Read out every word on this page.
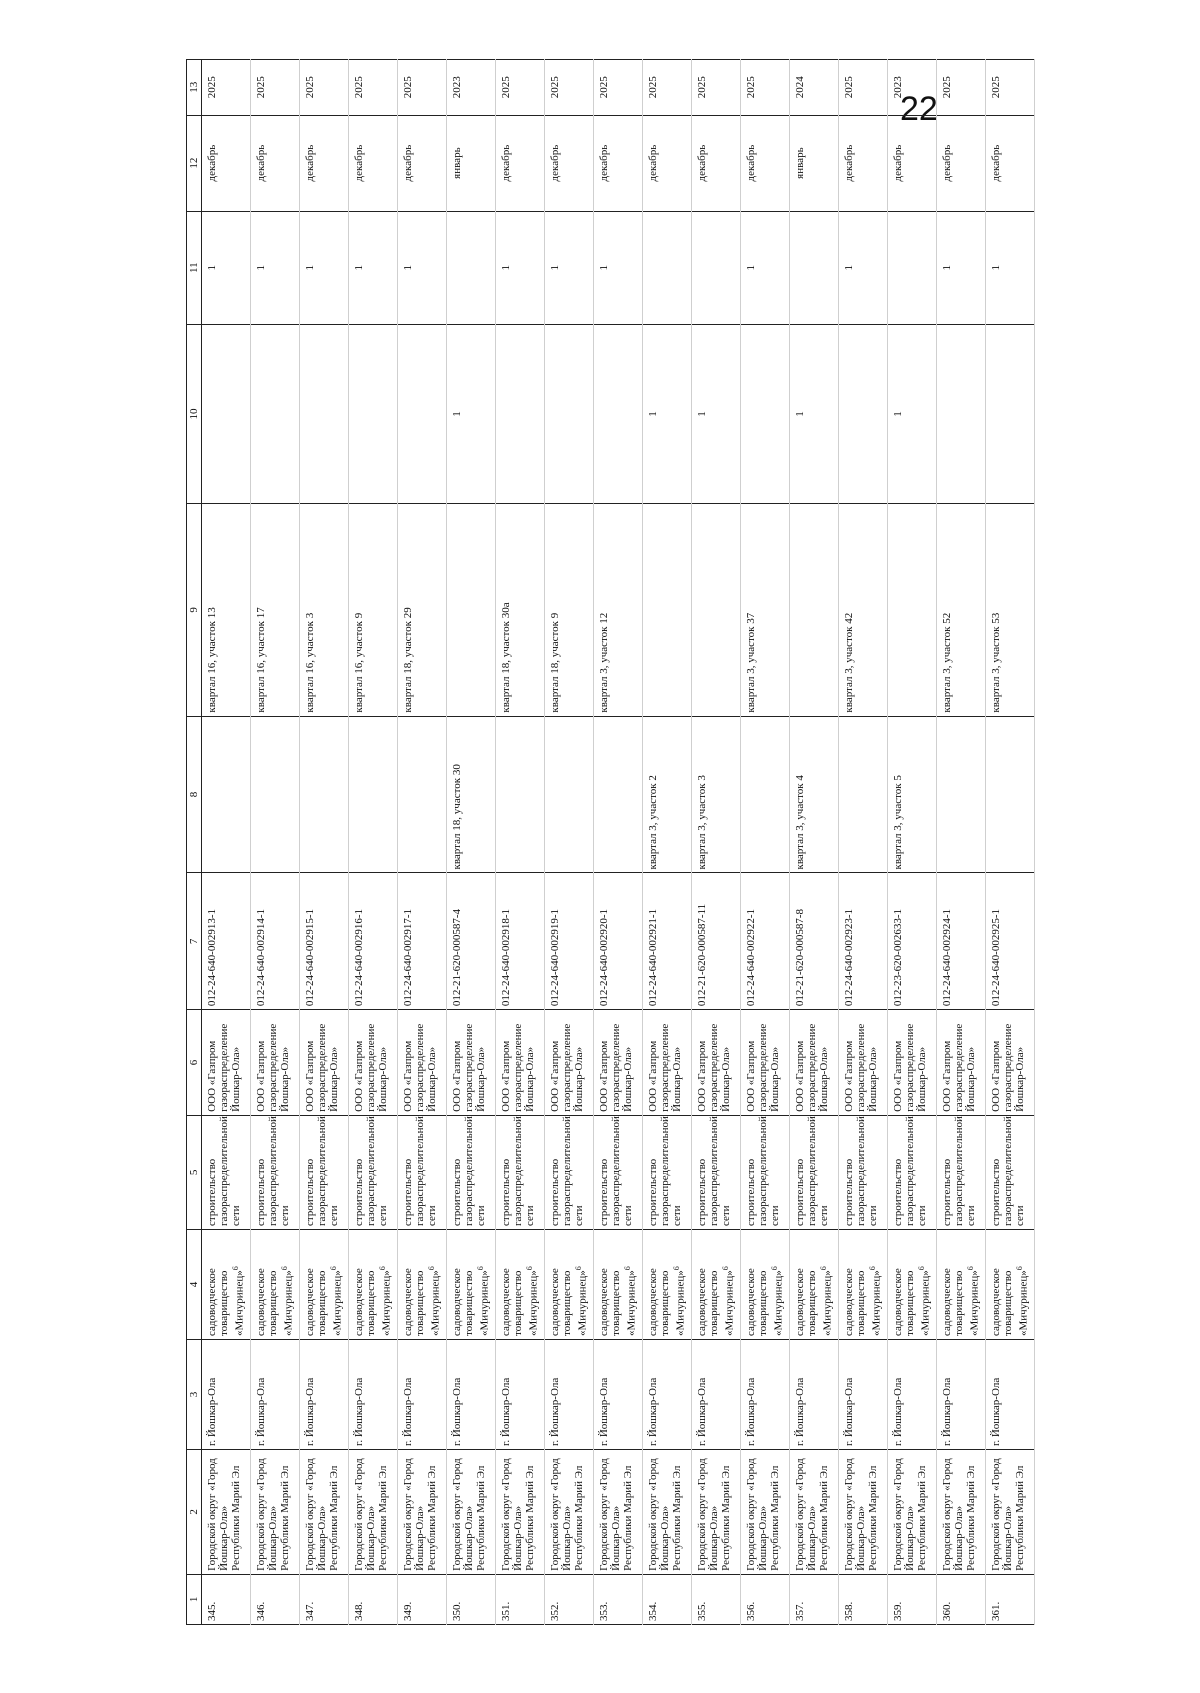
22
1	2	3	4	5	6	7	8	9	10	11	12	13
345.	Городской округ «Город Йошкар-Ола» Республики Марий Эл	г. Йошкар-Ола	садоводческое товарищество «Мичуринец»$^6$	строительство газораспределительной сети	ООО «Газпром газораспределение Йошкар-Ола»	012-24-640-002913-1		квартал 16, участок 13		1	декабрь	2025
346.	Городской округ «Город Йошкар-Ола» Республики Марий Эл	г. Йошкар-Ола	садоводческое товарищество «Мичуринец»$^6$	строительство газораспределительной сети	ООО «Газпром газораспределение Йошкар-Ола»	012-24-640-002914-1		квартал 16, участок 17		1	декабрь	2025
347.	Городской округ «Город Йошкар-Ола» Республики Марий Эл	г. Йошкар-Ола	садоводческое товарищество «Мичуринец»$^6$	строительство газораспределительной сети	ООО «Газпром газораспределение Йошкар-Ола»	012-24-640-002915-1		квартал 16, участок 3		1	декабрь	2025
348.	Городской округ «Город Йошкар-Ола» Республики Марий Эл	г. Йошкар-Ола	садоводческое товарищество «Мичуринец»$^6$	строительство газораспределительной сети	ООО «Газпром газораспределение Йошкар-Ола»	012-24-640-002916-1		квартал 16, участок 9		1	декабрь	2025
349.	Городской округ «Город Йошкар-Ола» Республики Марий Эл	г. Йошкар-Ола	садоводческое товарищество «Мичуринец»$^6$	строительство газораспределительной сети	ООО «Газпром газораспределение Йошкар-Ола»	012-24-640-002917-1		квартал 18, участок 29		1	декабрь	2025
350.	Городской округ «Город Йошкар-Ола» Республики Марий Эл	г. Йошкар-Ола	садоводческое товарищество «Мичуринец»$^6$	строительство газораспределительной сети	ООО «Газпром газораспределение Йошкар-Ола»	012-21-620-000587-4	квартал 18, участок 30		1		январь	2023
351.	Городской округ «Город Йошкар-Ола» Республики Марий Эл	г. Йошкар-Ола	садоводческое товарищество «Мичуринец»$^6$	строительство газораспределительной сети	ООО «Газпром газораспределение Йошкар-Ола»	012-24-640-002918-1		квартал 18, участок 30а		1	декабрь	2025
352.	Городской округ «Город Йошкар-Ола» Республики Марий Эл	г. Йошкар-Ола	садоводческое товарищество «Мичуринец»$^6$	строительство газораспределительной сети	ООО «Газпром газораспределение Йошкар-Ола»	012-24-640-002919-1		квартал 18, участок 9		1	декабрь	2025
353.	Городской округ «Город Йошкар-Ола» Республики Марий Эл	г. Йошкар-Ола	садоводческое товарищество «Мичуринец»$^6$	строительство газораспределительной сети	ООО «Газпром газораспределение Йошкар-Ола»	012-24-640-002920-1		квартал 3, участок 12		1	декабрь	2025
354.	Городской округ «Город Йошкар-Ола» Республики Марий Эл	г. Йошкар-Ола	садоводческое товарищество «Мичуринец»$^6$	строительство газораспределительной сети	ООО «Газпром газораспределение Йошкар-Ола»	012-24-640-002921-1	квартал 3, участок 2		1		декабрь	2025
355.	Городской округ «Город Йошкар-Ола» Республики Марий Эл	г. Йошкар-Ола	садоводческое товарищество «Мичуринец»$^6$	строительство газораспределительной сети	ООО «Газпром газораспределение Йошкар-Ола»	012-21-620-000587-11	квартал 3, участок 3		1		декабрь	2025
356.	Городской округ «Город Йошкар-Ола» Республики Марий Эл	г. Йошкар-Ола	садоводческое товарищество «Мичуринец»$^6$	строительство газораспределительной сети	ООО «Газпром газораспределение Йошкар-Ола»	012-24-640-002922-1		квартал 3, участок 37		1	декабрь	2025
357.	Городской округ «Город Йошкар-Ола» Республики Марий Эл	г. Йошкар-Ола	садоводческое товарищество «Мичуринец»$^6$	строительство газораспределительной сети	ООО «Газпром газораспределение Йошкар-Ола»	012-21-620-000587-8	квартал 3, участок 4		1		январь	2024
358.	Городской округ «Город Йошкар-Ола» Республики Марий Эл	г. Йошкар-Ола	садоводческое товарищество «Мичуринец»$^6$	строительство газораспределительной сети	ООО «Газпром газораспределение Йошкар-Ола»	012-24-640-002923-1		квартал 3, участок 42		1	декабрь	2025
359.	Городской округ «Город Йошкар-Ола» Республики Марий Эл	г. Йошкар-Ола	садоводческое товарищество «Мичуринец»$^6$	строительство газораспределительной сети	ООО «Газпром газораспределение Йошкар-Ола»	012-23-620-002633-1	квартал 3, участок 5		1		декабрь	2023
360.	Городской округ «Город Йошкар-Ола» Республики Марий Эл	г. Йошкар-Ола	садоводческое товарищество «Мичуринец»$^6$	строительство газораспределительной сети	ООО «Газпром газораспределение Йошкар-Ола»	012-24-640-002924-1		квартал 3, участок 52		1	декабрь	2025
361.	Городской округ «Город Йошкар-Ола» Республики Марий Эл	г. Йошкар-Ола	садоводческое товарищество «Мичуринец»$^6$	строительство газораспределительной сети	ООО «Газпром газораспределение Йошкар-Ола»	012-24-640-002925-1		квартал 3, участок 53		1	декабрь	2025
